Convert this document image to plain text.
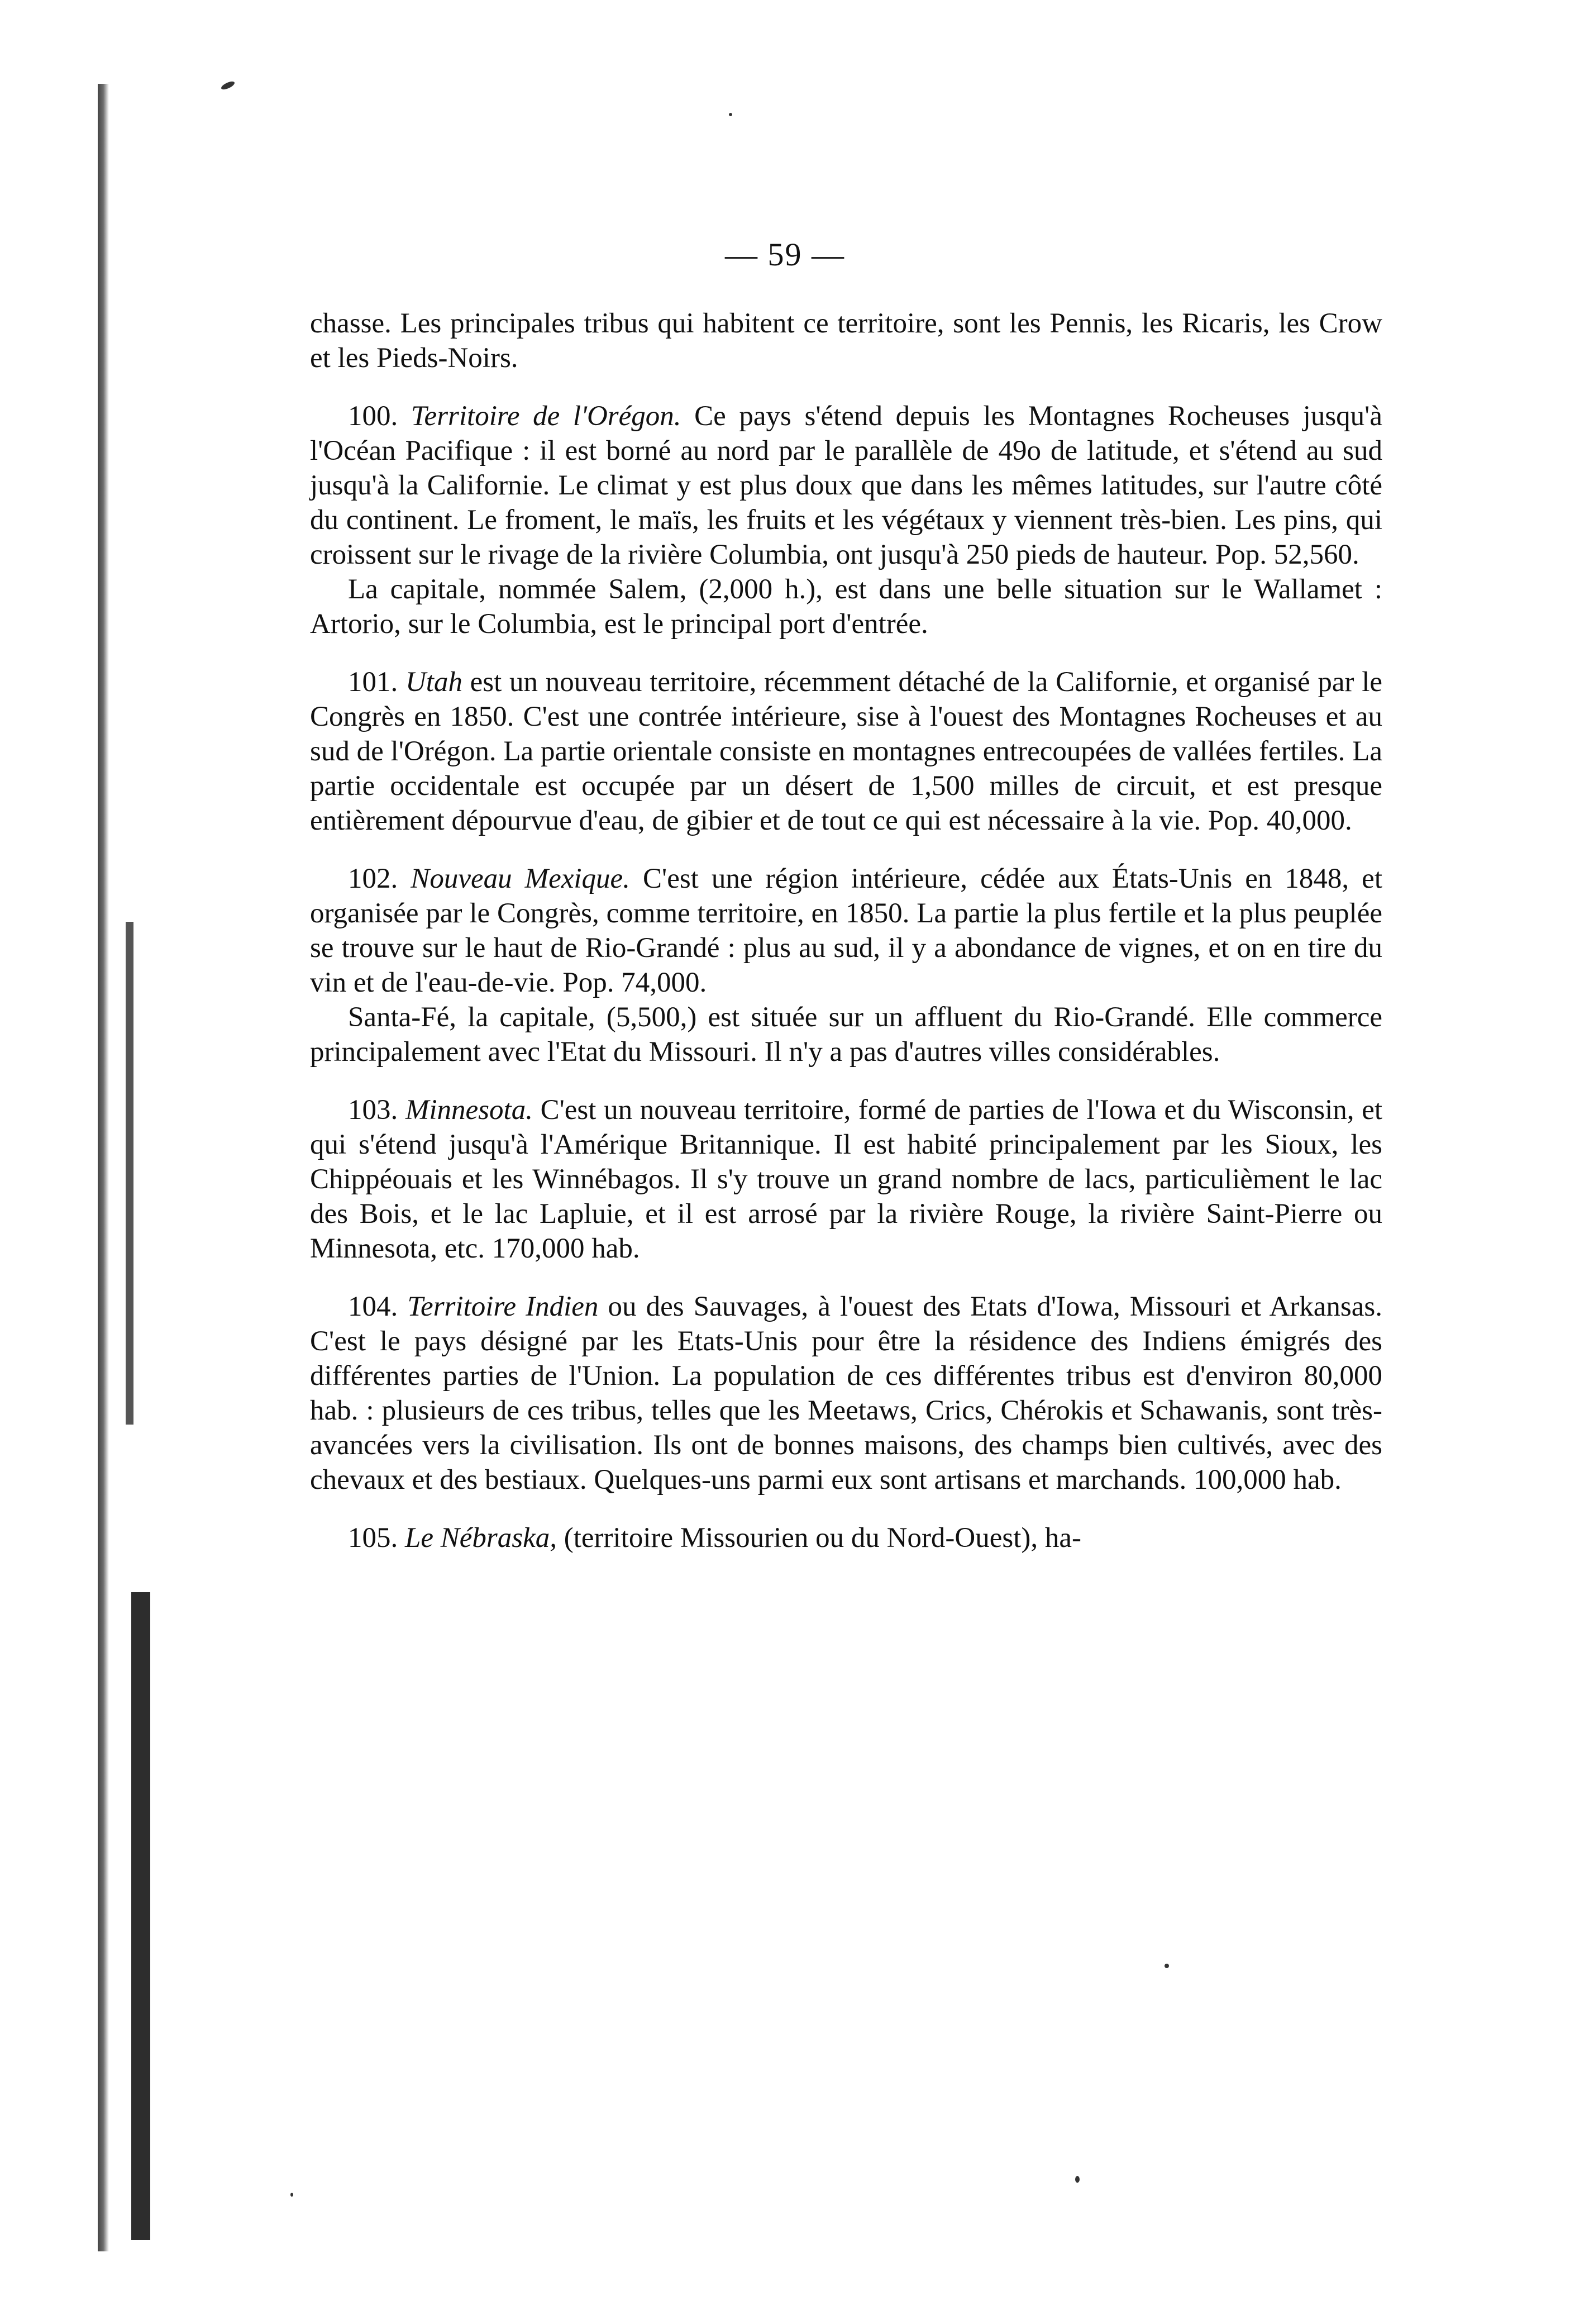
— 59 —

chasse. Les principales tribus qui habitent ce territoire, sont les Pennis, les Ricaris, les Crow et les Pieds-Noirs.

100. Territoire de l'Orégon. Ce pays s'étend depuis les Montagnes Rocheuses jusqu'à l'Océan Pacifique : il est borné au nord par le parallèle de 49o de latitude, et s'étend au sud jusqu'à la Californie. Le climat y est plus doux que dans les mêmes latitudes, sur l'autre côté du continent. Le froment, le maïs, les fruits et les végétaux y viennent très-bien. Les pins, qui croissent sur le rivage de la rivière Columbia, ont jusqu'à 250 pieds de hauteur. Pop. 52,560.

La capitale, nommée Salem, (2,000 h.), est dans une belle situation sur le Wallamet : Artorio, sur le Columbia, est le principal port d'entrée.

101. Utah est un nouveau territoire, récemment détaché de la Californie, et organisé par le Congrès en 1850. C'est une contrée intérieure, sise à l'ouest des Montagnes Rocheuses et au sud de l'Orégon. La partie orientale consiste en montagnes entrecoupées de vallées fertiles. La partie occidentale est occupée par un désert de 1,500 milles de circuit, et est presque entièrement dépourvue d'eau, de gibier et de tout ce qui est nécessaire à la vie. Pop. 40,000.

102. Nouveau Mexique. C'est une région intérieure, cédée aux États-Unis en 1848, et organisée par le Congrès, comme territoire, en 1850. La partie la plus fertile et la plus peuplée se trouve sur le haut de Rio-Grandé : plus au sud, il y a abondance de vignes, et on en tire du vin et de l'eau-de-vie. Pop. 74,000.

Santa-Fé, la capitale, (5,500,) est située sur un affluent du Rio-Grandé. Elle commerce principalement avec l'Etat du Missouri. Il n'y a pas d'autres villes considérables.

103. Minnesota. C'est un nouveau territoire, formé de parties de l'Iowa et du Wisconsin, et qui s'étend jusqu'à l'Amérique Britannique. Il est habité principalement par les Sioux, les Chippéouais et les Winnébagos. Il s'y trouve un grand nombre de lacs, particulièment le lac des Bois, et le lac Lapluie, et il est arrosé par la rivière Rouge, la rivière Saint-Pierre ou Minnesota, etc. 170,000 hab.

104. Territoire Indien ou des Sauvages, à l'ouest des Etats d'Iowa, Missouri et Arkansas. C'est le pays désigné par les Etats-Unis pour être la résidence des Indiens émigrés des différentes parties de l'Union. La population de ces différentes tribus est d'environ 80,000 hab. : plusieurs de ces tribus, telles que les Meetaws, Crics, Chérokis et Schawanis, sont très-avancées vers la civilisation. Ils ont de bonnes maisons, des champs bien cultivés, avec des chevaux et des bestiaux. Quelques-uns parmi eux sont artisans et marchands. 100,000 hab.

105. Le Nébraska, (territoire Missourien ou du Nord-Ouest), ha-
